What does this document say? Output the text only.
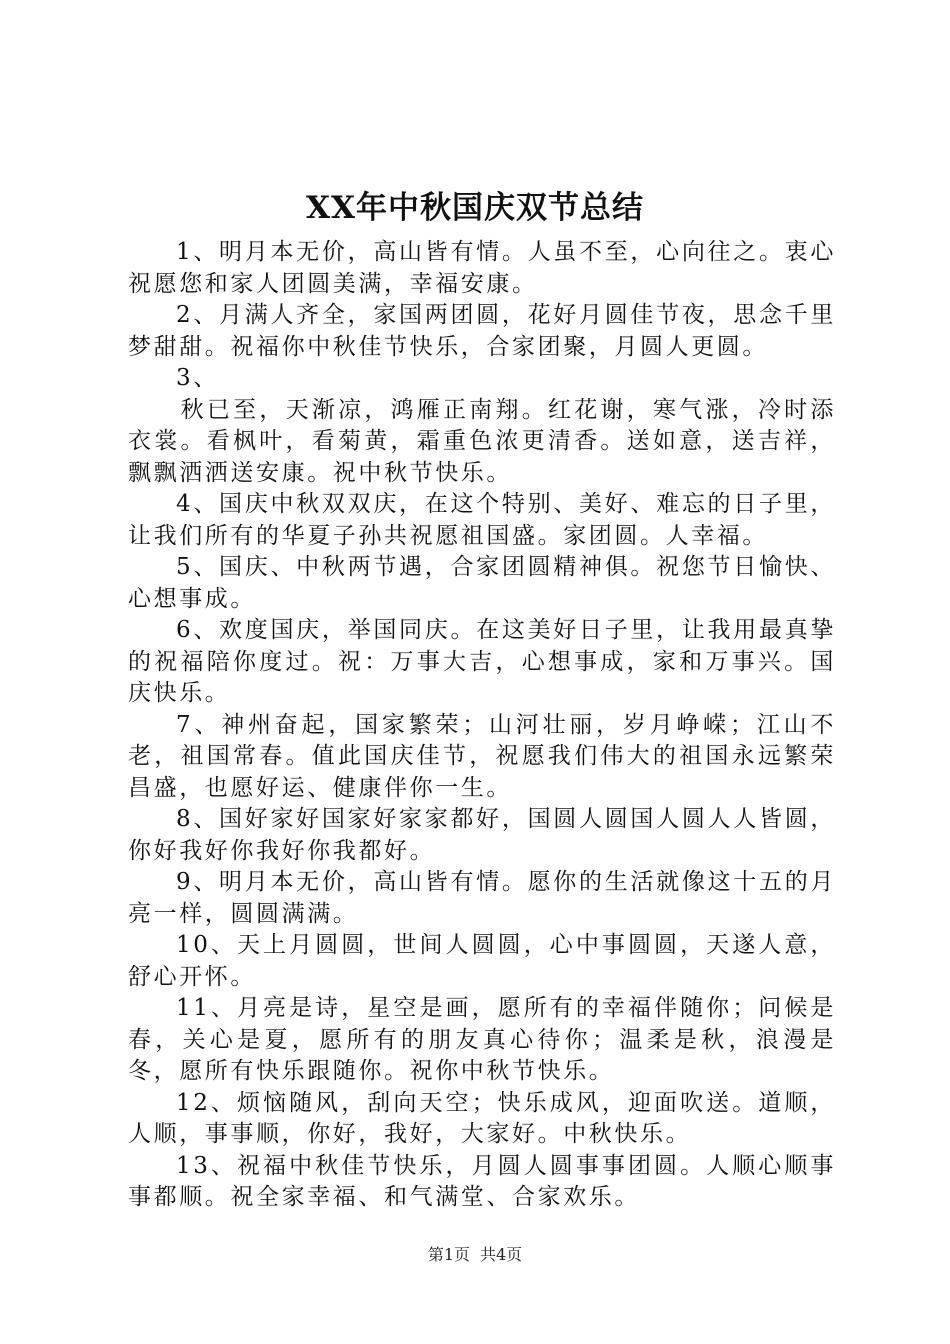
XX年中秋国庆双节总结

1、明月本无价，高山皆有情。人虽不至，心向往之。衷心祝愿您和家人团圆美满，幸福安康。

2、月满人齐全，家国两团圆，花好月圆佳节夜，思念千里梦甜甜。祝福你中秋佳节快乐，合家团聚，月圆人更圆。

3、

秋已至，天渐凉，鸿雁正南翔。红花谢，寒气涨，冷时添衣裳。看枫叶，看菊黄，霜重色浓更清香。送如意，送吉祥，飘飘洒洒送安康。祝中秋节快乐。

4、国庆中秋双双庆，在这个特别、美好、难忘的日子里，让我们所有的华夏子孙共祝愿祖国盛。家团圆。人幸福。

5、国庆、中秋两节遇，合家团圆精神俱。祝您节日愉快、心想事成。

6、欢度国庆，举国同庆。在这美好日子里，让我用最真挚的祝福陪你度过。祝：万事大吉，心想事成，家和万事兴。国庆快乐。

7、神州奋起，国家繁荣；山河壮丽，岁月峥嵘；江山不老，祖国常春。值此国庆佳节，祝愿我们伟大的祖国永远繁荣昌盛，也愿好运、健康伴你一生。

8、国好家好国家好家家都好，国圆人圆国人圆人人皆圆，你好我好你我好你我都好。

9、明月本无价，高山皆有情。愿你的生活就像这十五的月亮一样，圆圆满满。

10、天上月圆圆，世间人圆圆，心中事圆圆，天遂人意，舒心开怀。

11、月亮是诗，星空是画，愿所有的幸福伴随你；问候是春，关心是夏，愿所有的朋友真心待你；温柔是秋，浪漫是冬，愿所有快乐跟随你。祝你中秋节快乐。

12、烦恼随风，刮向天空；快乐成风，迎面吹送。道顺，人顺，事事顺，你好，我好，大家好。中秋快乐。

13、祝福中秋佳节快乐，月圆人圆事事团圆。人顺心顺事事都顺。祝全家幸福、和气满堂、合家欢乐。

第1页 共4页
